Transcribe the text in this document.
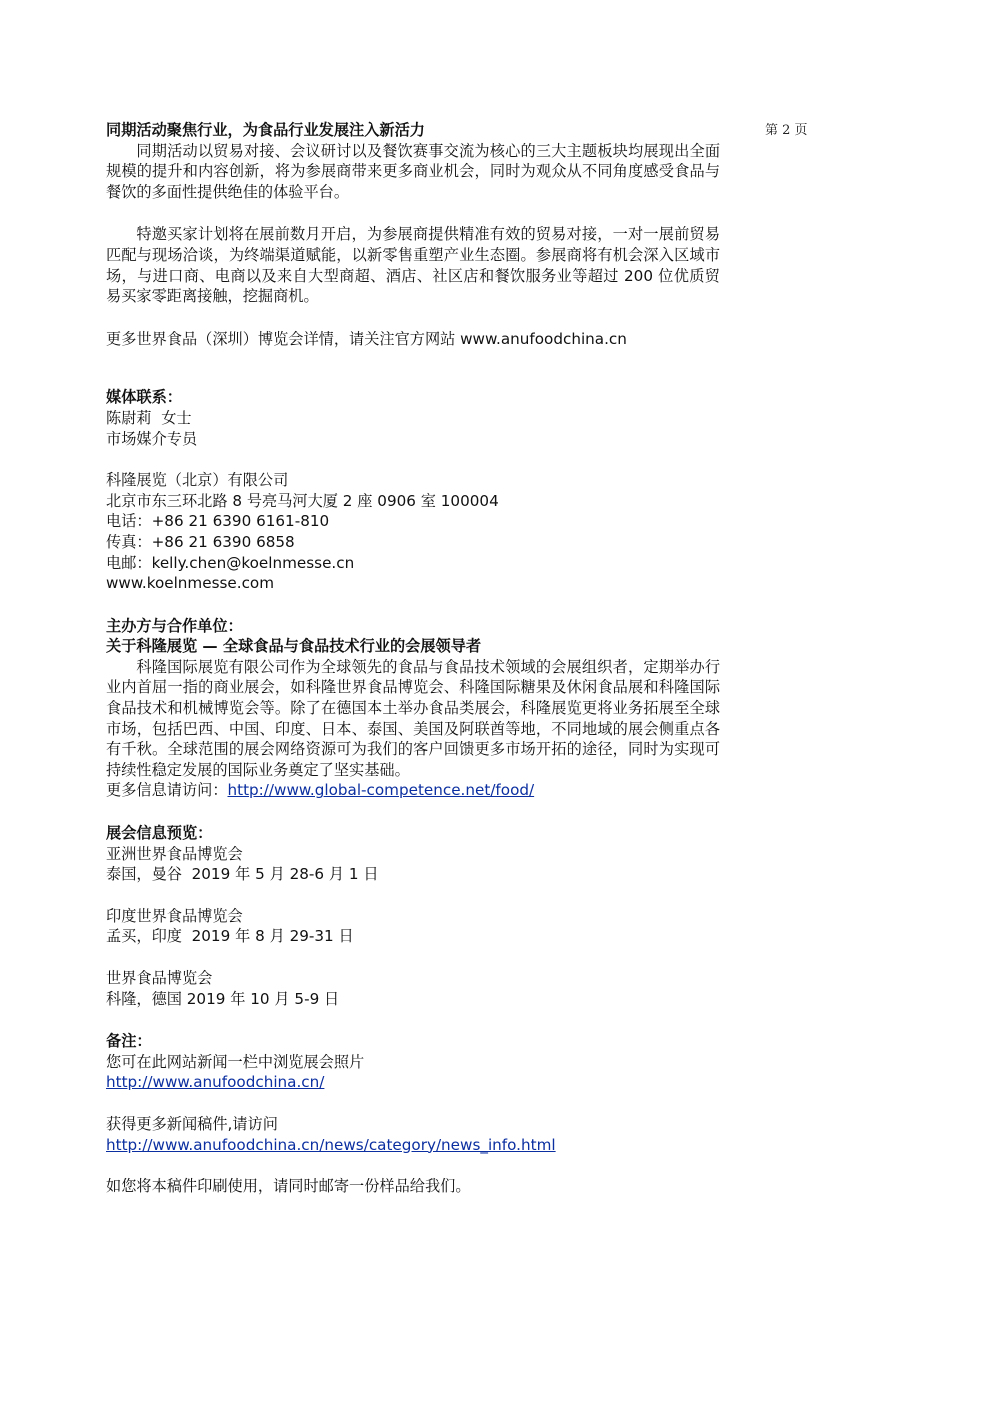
第 2 页

同期活动聚焦行业，为食品行业发展注入新活力

同期活动以贸易对接、会议研讨以及餐饮赛事交流为核心的三大主题板块均展现出全面规模的提升和内容创新，将为参展商带来更多商业机会，同时为观众从不同角度感受食品与餐饮的多面性提供绝佳的体验平台。

特邀买家计划将在展前数月开启，为参展商提供精准有效的贸易对接，一对一展前贸易匹配与现场洽谈，为终端渠道赋能，以新零售重塑产业生态圈。参展商将有机会深入区域市场，与进口商、电商以及来自大型商超、酒店、社区店和餐饮服务业等超过 200 位优质贸易买家零距离接触，挖掘商机。

更多世界食品（深圳）博览会详情，请关注官方网站 www.anufoodchina.cn

媒体联系：

陈尉莉  女士

市场媒介专员

科隆展览（北京）有限公司

北京市东三环北路 8 号亮马河大厦 2 座 0906 室 100004

电话：+86 21 6390 6161-810

传真：+86 21 6390 6858

电邮：kelly.chen@koelnmesse.cn

www.koelnmesse.com

主办方与合作单位：

关于科隆展览 — 全球食品与食品技术行业的会展领导者

科隆国际展览有限公司作为全球领先的食品与食品技术领域的会展组织者，定期举办行业内首屈一指的商业展会，如科隆世界食品博览会、科隆国际糖果及休闲食品展和科隆国际食品技术和机械博览会等。除了在德国本土举办食品类展会，科隆展览更将业务拓展至全球市场，包括巴西、中国、印度、日本、泰国、美国及阿联酋等地，不同地域的展会侧重点各有千秋。全球范围的展会网络资源可为我们的客户回馈更多市场开拓的途径，同时为实现可持续性稳定发展的国际业务奠定了坚实基础。

更多信息请访问：http://www.global-competence.net/food/

展会信息预览：

亚洲世界食品博览会

泰国，曼谷  2019 年 5 月 28-6 月 1 日

印度世界食品博览会

孟买，印度  2019 年 8 月 29-31 日

世界食品博览会

科隆，德国 2019 年 10 月 5-9 日

备注：

您可在此网站新闻一栏中浏览展会照片

http://www.anufoodchina.cn/

获得更多新闻稿件,请访问

http://www.anufoodchina.cn/news/category/news_info.html

如您将本稿件印刷使用，请同时邮寄一份样品给我们。
